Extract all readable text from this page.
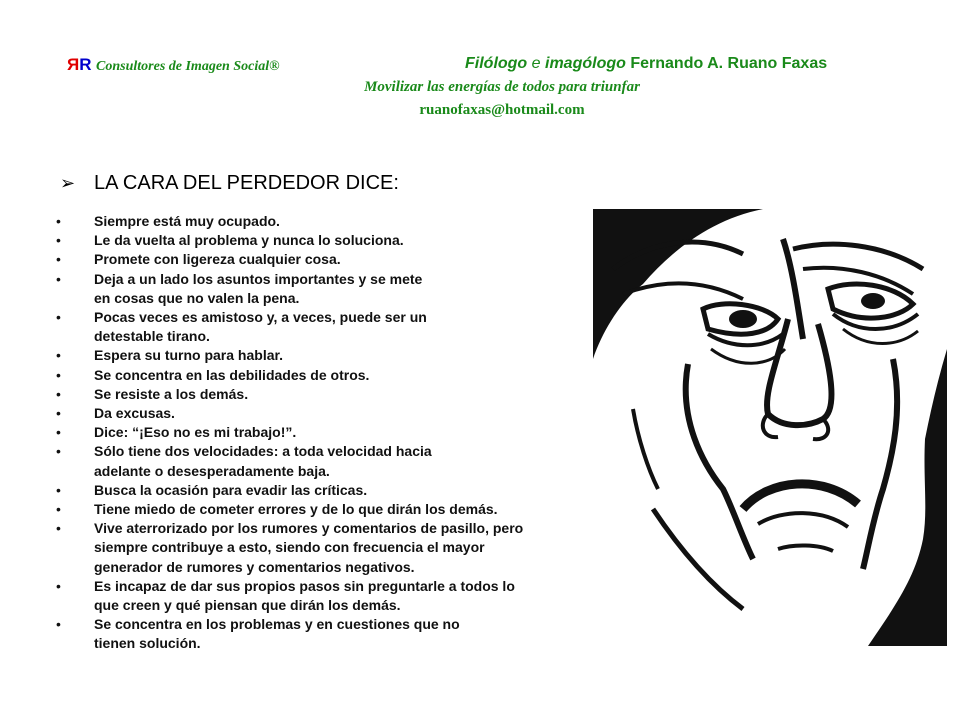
RR Consultores de Imagen Social®	Filólogo e imagólogo Fernando A. Ruano Faxas
Movilizar las energías de todos para triunfar
ruanofaxas@hotmail.com
➢ LA CARA DEL PERDEDOR DICE:
• Siempre está muy ocupado.
• Le da vuelta al problema y nunca lo soluciona.
• Promete con ligereza cualquier cosa.
• Deja a un lado los asuntos importantes y se mete
en cosas que no valen la pena.
• Pocas veces es amistoso y, a veces, puede ser un
detestable tirano.
• Espera su turno para hablar.
• Se concentra en las debilidades de otros.
• Se resiste a los demás.
• Da excusas.
• Dice: “¡Eso no es mi trabajo!”.
• Sólo tiene dos velocidades: a toda velocidad hacia
adelante o desesperadamente baja.
• Busca la ocasión para evadir las críticas.
• Tiene miedo de cometer errores y de lo que dirán los demás.
• Vive aterrorizado por los rumores y comentarios de pasillo, pero
siempre contribuye a esto, siendo con frecuencia el mayor
generador de rumores y comentarios negativos.
• Es incapaz de dar sus propios pasos sin preguntarle a todos lo
que creen y qué piensan que dirán los demás.
• Se concentra en los problemas y en cuestiones que no
tienen solución.
